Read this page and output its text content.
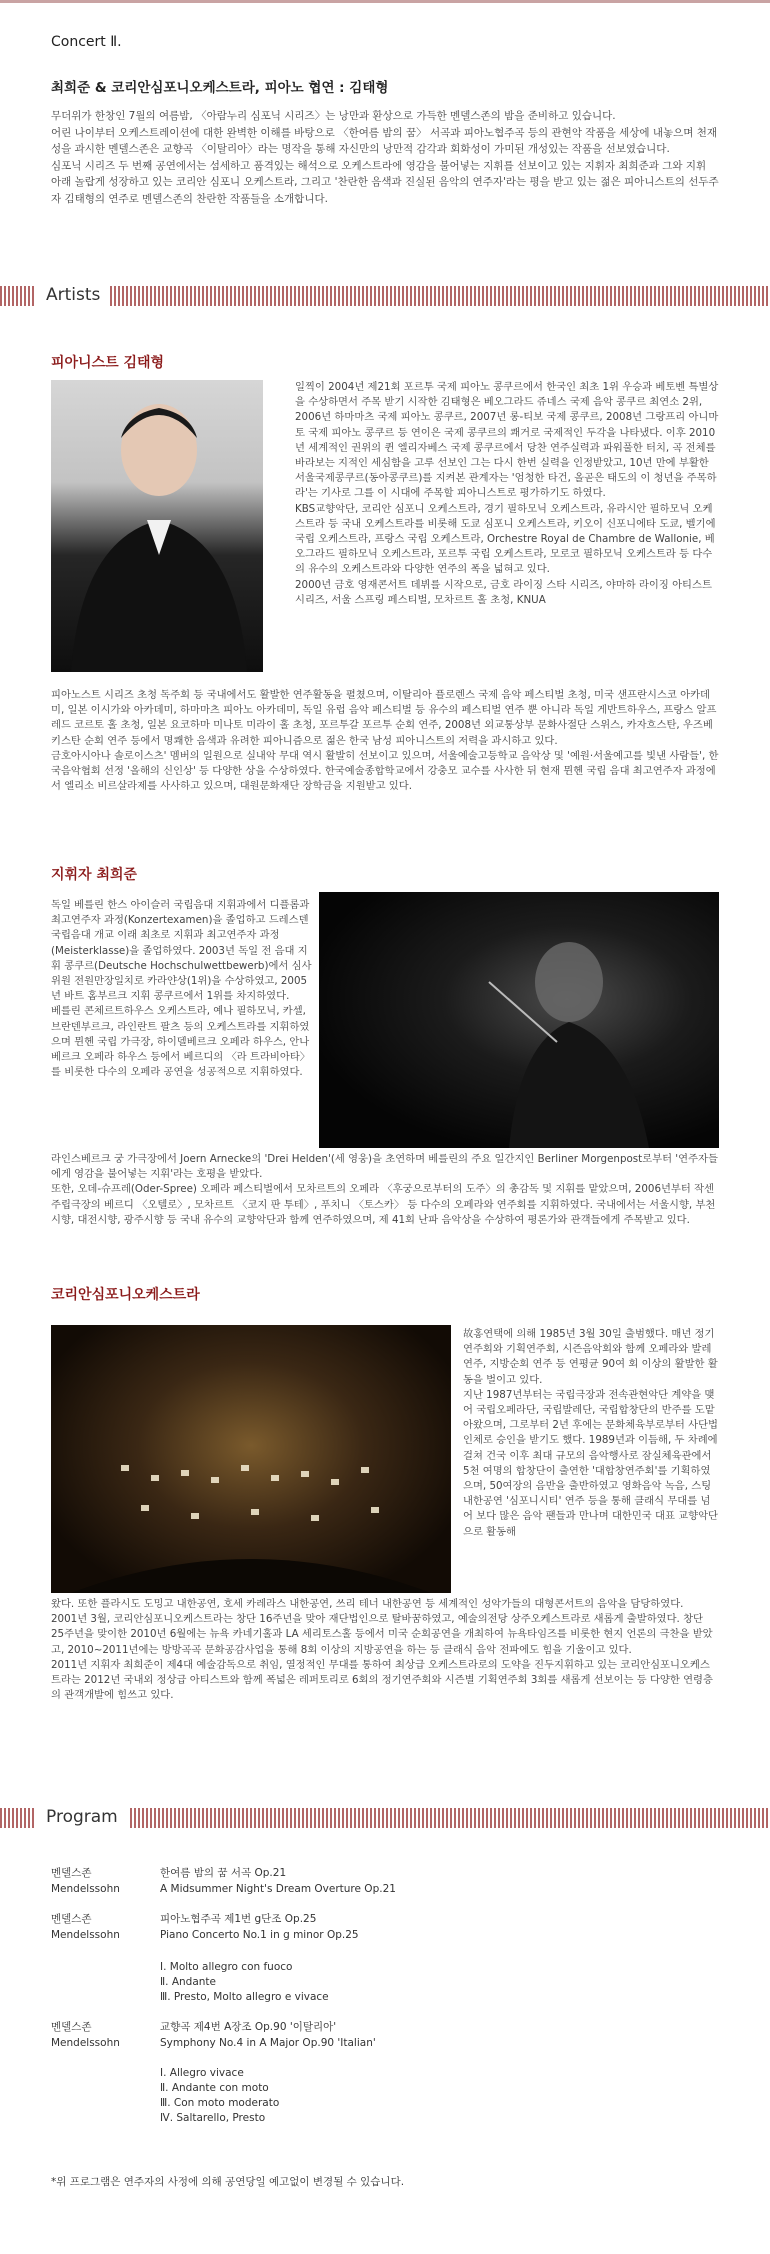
Concert Ⅱ.
최희준 & 코리안심포니오케스트라, 피아노 협연 : 김태형

무더위가 한창인 7월의 여름밤, 〈아람누리 심포닉 시리즈〉는 낭만과 환상으로 가득한 멘델스존의 밤을 준비하고 있습니다.

어린 나이부터 오케스트레이션에 대한 완벽한 이해를 바탕으로 〈한여름 밤의 꿈〉 서곡과 피아노협주곡 등의 관현악 작품을 세상에 내놓으며 천재성을 과시한 멘델스존은 교향곡 〈이탈리아〉라는 명작을 통해 자신만의 낭만적 감각과 회화성이 가미된 개성있는 작품을 선보였습니다.

심포닉 시리즈 두 번째 공연에서는 섬세하고 품격있는 해석으로 오케스트라에 영감을 불어넣는 지휘를 선보이고 있는 지휘자 최희준과 그와 지휘 아래 놀랍게 성장하고 있는 코리안 심포니 오케스트라, 그리고 '찬란한 음색과 진실된 음악의 연주자'라는 평을 받고 있는 젊은 피아니스트의 선두주자 김태형의 연주로 멘델스존의 찬란한 작품들을 소개합니다.

Artists
피아니스트 김태형
일찍이 2004년 제21회 포르투 국제 피아노 콩쿠르에서 한국인 최초 1위 우승과 베토벤 특별상을 수상하면서 주목 받기 시작한 김태형은 베오그라드 쥬네스 국제 음악 콩쿠르 최연소 2위, 2006년 하마마츠 국제 피아노 콩쿠르, 2007년 롱-티보 국제 콩쿠르, 2008년 그랑프리 아니마토 국제 피아노 콩쿠르 등 연이은 국제 콩쿠르의 쾌거로 국제적인 두각을 나타냈다. 이후 2010년 세계적인 권위의 퀸 엘리자베스 국제 콩쿠르에서 당찬 연주실력과 파워풀한 터치, 곡 전체를 바라보는 지적인 세심함을 고루 선보인 그는 다시 한번 실력을 인정받았고, 10년 만에 부활한 서울국제콩쿠르(동아콩쿠르)를 지켜본 관계자는 '엄청한 타건, 올곧은 태도의 이 청년을 주목하라'는 기사로 그를 이 시대에 주목할 피아니스트로 평가하기도 하였다.
KBS교향악단, 코리안 심포니 오케스트라, 경기 필하모닉 오케스트라, 유라시안 필하모닉 오케스트라 등 국내 오케스트라를 비롯해 도쿄 심포니 오케스트라, 키오이 신포니에타 도쿄, 벨기에 국립 오케스트라, 프랑스 국립 오케스트라, Orchestre Royal de Chambre de Wallonie, 베오그라드 필하모닉 오케스트라, 포르투 국립 오케스트라, 모로코 필하모닉 오케스트라 등 다수의 유수의 오케스트라와 다양한 연주의 폭을 넓혀고 있다.
2000년 금호 영재콘서트 데뷔를 시작으로, 금호 라이징 스타 시리즈, 야마하 라이징 아티스트 시리즈, 서울 스프링 페스티벌, 모차르트 홀 초청, KNUA
피아노스트 시리즈 초청 독주회 등 국내에서도 활발한 연주활동을 펼쳤으며, 이탈리아 플로렌스 국제 음악 페스티벌 초청, 미국 샌프란시스코 아카데미, 일본 이시가와 아카데미, 하마마츠 피아노 아카데미, 독일 유럽 음악 페스티벌 등 유수의 페스티벌 연주 뿐 아니라 독일 게반트하우스, 프랑스 알프레드 코르토 홀 초청, 일본 요코하마 미나토 미라이 홀 초청, 포르투갈 포르투 순회 연주, 2008년 외교통상부 문화사절단 스위스, 카자흐스탄, 우즈베키스탄 순회 연주 등에서 명쾌한 음색과 유려한 피아니즘으로 젊은 한국 남성 피아니스트의 저력을 과시하고 있다.
금호아시아나 솔로이스츠' 멤버의 일원으로 실내악 무대 역시 활발히 선보이고 있으며, 서울예술고등학교 음악상 및 '예원·서울예고를 빛낸 사람들', 한국음악협회 선정 '올해의 신인상' 등 다양한 상을 수상하였다. 한국예술종합학교에서 강충모 교수를 사사한 뒤 현재 뮌헨 국립 음대 최고연주자 과정에서 엘리소 비르살라제를 사사하고 있으며, 대원문화재단 장학금을 지원받고 있다.
지휘자 최희준
독일 베를린 한스 아이슬러 국립음대 지휘과에서 디플롬과 최고연주자 과정(Konzertexamen)을 졸업하고 드레스덴 국립음대 개교 이래 최초로 지휘과 최고연주자 과정(Meisterklasse)을 졸업하였다. 2003년 독일 전 음대 지휘 콩쿠르(Deutsche Hochschulwettbewerb)에서 심사위원 전원만장일치로 카라얀상(1위)을 수상하였고, 2005년 바트 홈부르크 지휘 콩쿠르에서 1위를 차지하였다.
베를린 콘체르트하우스 오케스트라, 예나 필하모닉, 카셀, 브란덴부르크, 라인란트 팔츠 등의 오케스트라를 지휘하였으며 뮌헨 국립 가극장, 하이델베르크 오페라 하우스, 안나베르크 오페라 하우스 등에서 베르디의 〈라 트라비아타〉를 비롯한 다수의 오페라 공연을 성공적으로 지휘하였다.
라인스베르크 궁 가극장에서 Joern Arnecke의 'Drei Helden'(세 영웅)을 초연하며 베를린의 주요 일간지인 Berliner Morgenpost로부터 '연주자들에게 영감을 불어넣는 지휘'라는 호평을 받았다.
또한, 오데-슈프레(Oder-Spree) 오페라 페스티벌에서 모차르트의 오페라 〈후궁으로부터의 도주〉의 총감독 및 지휘를 맡았으며, 2006년부터 작센 주립극장의 베르디 〈오텔로〉, 모차르트 〈코지 판 투테〉, 푸치니 〈토스카〉 등 다수의 오페라와 연주회를 지휘하였다. 국내에서는 서울시향, 부천시향, 대전시향, 광주시향 등 국내 유수의 교향악단과 함께 연주하였으며, 제 41회 난파 음악상을 수상하여 평론가와 관객들에게 주목받고 있다.
코리안심포니오케스트라
故홍연택에 의해 1985년 3월 30일 출범했다. 매년 정기연주회와 기획연주회, 시즌음악회와 함께 오페라와 발레 연주, 지방순회 연주 등 연평균 90여 회 이상의 활발한 활동을 벌이고 있다.
지난 1987년부터는 국립극장과 전속관현악단 계약을 맺어 국립오페라단, 국립발레단, 국립합창단의 반주를 도맡아왔으며, 그로부터 2년 후에는 문화체육부로부터 사단법인체로 승인을 받기도 했다. 1989년과 이듬해, 두 차례에 걸쳐 건국 이후 최대 규모의 음악행사로 잠실체육관에서 5천 여명의 합창단이 출연한 '대합창연주회'를 기획하였으며, 50여장의 음반을 출반하였고 영화음악 녹음, 스팅 내한공연 '심포니시티' 연주 등을 통해 클래식 무대를 넘어 보다 많은 음악 팬들과 만나며 대한민국 대표 교향악단으로 활동해
왔다. 또한 플라시도 도밍고 내한공연, 호세 카레라스 내한공연, 쓰리 테너 내한공연 등 세계적인 성악가들의 대형콘서트의 음악을 담당하였다.
2001년 3월, 코리안심포니오케스트라는 창단 16주년을 맞아 재단법인으로 탈바꿈하였고, 예술의전당 상주오케스트라로 새롭게 출발하였다. 창단 25주년을 맞이한 2010년 6월에는 뉴욕 카네기홀과 LA 세리토스홀 등에서 미국 순회공연을 개최하여 뉴욕타임즈를 비롯한 현지 언론의 극찬을 받았고, 2010~2011년에는 방방곡곡 문화공감사업을 통해 8회 이상의 지방공연을 하는 등 클래식 음악 전파에도 힘을 기울이고 있다.
2011년 지휘자 최희준이 제4대 예술감독으로 취임, 열정적인 무대를 통하여 최상급 오케스트라로의 도약을 진두지휘하고 있는 코리안심포니오케스트라는 2012년 국내외 정상급 아티스트와 함께 폭넓은 레퍼토리로 6회의 정기연주회와 시즌별 기획연주회 3회를 새롭게 선보이는 등 다양한 연령층의 관객개발에 힘쓰고 있다.
Program
멘델스존
Mendelssohn
한여름 밤의 꿈 서곡 Op.21
A Midsummer Night's Dream Overture Op.21
멘델스존
Mendelssohn
피아노협주곡 제1번 g단조 Op.25
Piano Concerto No.1 in g minor Op.25
Ⅰ. Molto allegro con fuoco
Ⅱ. Andante
Ⅲ. Presto, Molto allegro e vivace
멘델스존
Mendelssohn
교향곡 제4번 A장조 Op.90 '이탈리아'
Symphony No.4 in A Major Op.90 'Italian'
Ⅰ. Allegro vivace
Ⅱ. Andante con moto
Ⅲ. Con moto moderato
Ⅳ. Saltarello, Presto
*위 프로그램은 연주자의 사정에 의해 공연당일 예고없이 변경될 수 있습니다.
